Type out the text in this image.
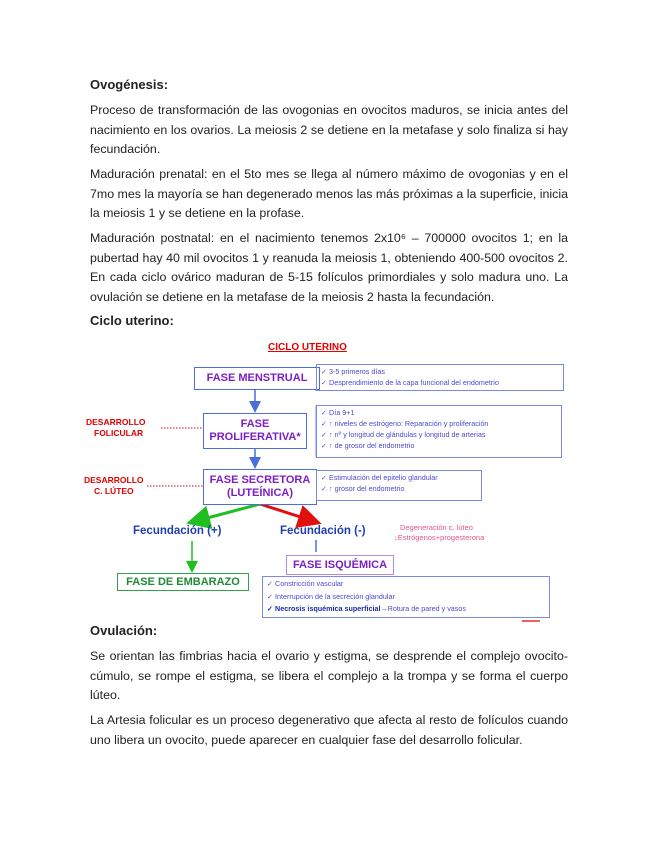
Ovogénesis:
Proceso de transformación de las ovogonias en ovocitos maduros, se inicia antes del nacimiento en los ovarios. La meiosis 2 se detiene en la metafase y solo finaliza si hay fecundación.
Maduración prenatal: en el 5to mes se llega al número máximo de ovogonias y en el 7mo mes la mayoría se han degenerado menos las más próximas a la superficie, inicia la meiosis 1 y se detiene en la profase.
Maduración postnatal: en el nacimiento tenemos 2x10⁶ – 700000 ovocitos 1; en la pubertad hay 40 mil ovocitos 1 y reanuda la meiosis 1, obteniendo 400-500 ovocitos 2. En cada ciclo ovárico maduran de 5-15 folículos primordiales y solo madura uno. La ovulación se detiene en la metafase de la meiosis 2 hasta la fecundación.
Ciclo uterino:
CICLO UTERINO
FASE MENSTRUAL
✓ 3-5 primeros días
✓ Desprendimiento de la capa funcional del endometrio
DESARROLLO
FOLICULAR
FASE
PROLIFERATIVA*
✓ Día 9+1
✓ ↑ niveles de estrógeno: Reparación y proliferación
✓ ↑ nº y longitud de glándulas y longitud de arterias
✓ ↑ de grosor del endometrio
DESARROLLO
C. LÚTEO
FASE SECRETORA
(LUTEÍNICA)
✓ Estimulación del epitelio glandular
✓ ↑ grosor del endometrio
Fecundación (+)	Fecundación (-)	Degeneración c. lúteo
↓Estrógenos+progesterona
FASE DE EMBARAZO
FASE ISQUÉMICA
✓ Constricción vascular
✓ Interrupción de la secreción glandular
✓ Necrosis isquémica superficial→Rotura de pared y vasos
Ovulación:
Se orientan las fimbrias hacia el ovario y estigma, se desprende el complejo ovocito-cúmulo, se rompe el estigma, se libera el complejo a la trompa y se forma el cuerpo lúteo.
La Artesia folicular es un proceso degenerativo que afecta al resto de folículos cuando uno libera un ovocito, puede aparecer en cualquier fase del desarrollo folicular.
